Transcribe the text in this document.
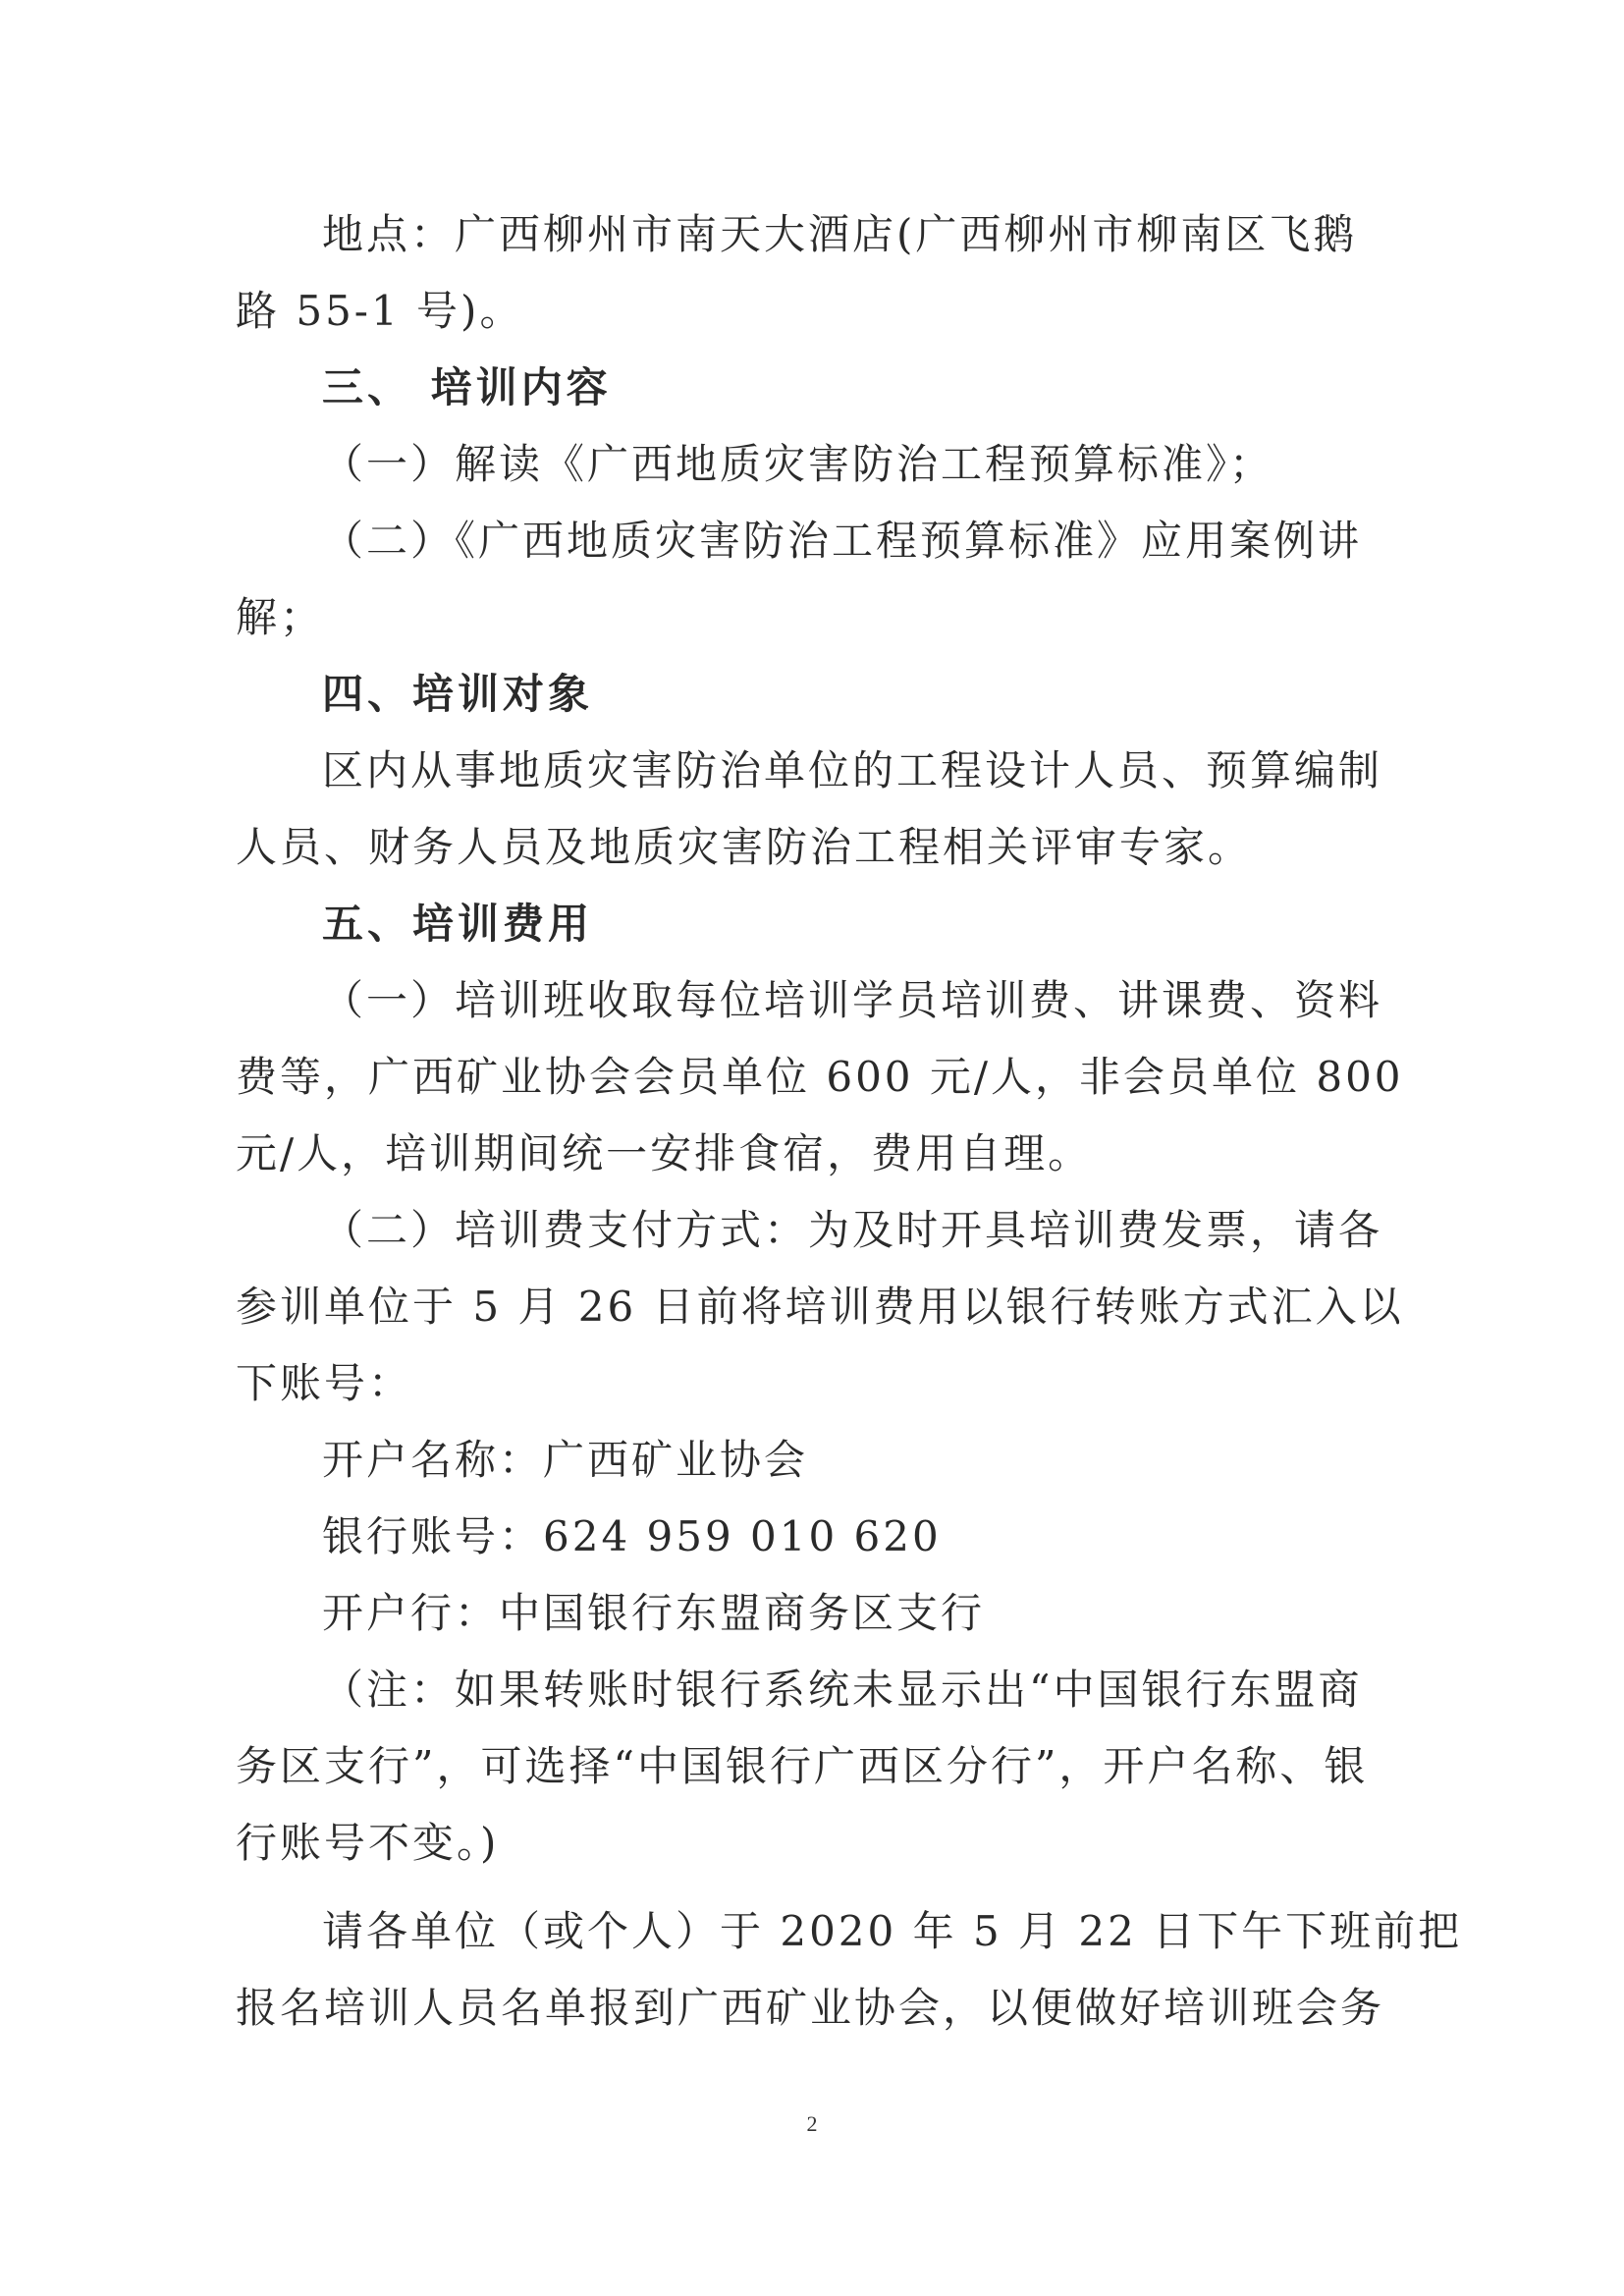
地点：广西柳州市南天大酒店(广西柳州市柳南区飞鹅
路 55-1 号)。
三、 培训内容
（一）解读《广西地质灾害防治工程预算标准》；
（二）《广西地质灾害防治工程预算标准》应用案例讲
解；
四、培训对象
区内从事地质灾害防治单位的工程设计人员、预算编制
人员、财务人员及地质灾害防治工程相关评审专家。
五、培训费用
（一）培训班收取每位培训学员培训费、讲课费、资料
费等，广西矿业协会会员单位 600 元/人，非会员单位 800
元/人，培训期间统一安排食宿，费用自理。
（二）培训费支付方式：为及时开具培训费发票，请各
参训单位于 5 月 26 日前将培训费用以银行转账方式汇入以
下账号：
开户名称：广西矿业协会
银行账号：624 959 010 620
开户行：中国银行东盟商务区支行
（注：如果转账时银行系统未显示出“中国银行东盟商
务区支行”，可选择“中国银行广西区分行”，开户名称、银
行账号不变。)
请各单位（或个人）于 2020 年 5 月 22 日下午下班前把
报名培训人员名单报到广西矿业协会，以便做好培训班会务
2
